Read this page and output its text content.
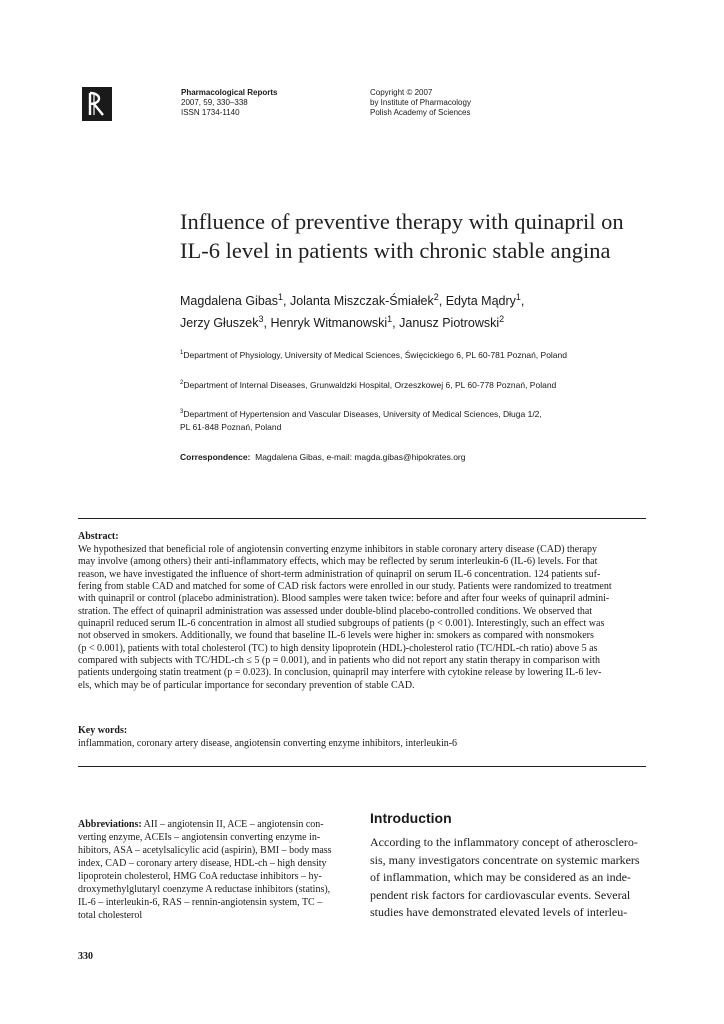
Pharmacological Reports
2007, 59, 330–338
ISSN 1734-1140
Copyright © 2007
by Institute of Pharmacology
Polish Academy of Sciences
Influence of preventive therapy with quinapril on
IL-6 level in patients with chronic stable angina
Magdalena Gibas$^1$, Jolanta Miszczak-Śmiałek$^2$, Edyta Mądry$^1$,
Jerzy Głuszek$^3$, Henryk Witmanowski$^1$, Janusz Piotrowski$^2$
$^1$Department of Physiology, University of Medical Sciences, Święcickiego 6, PL 60-781 Poznań, Poland
$^2$Department of Internal Diseases, Grunwaldzki Hospital, Orzeszkowej 6, PL 60-778 Poznań, Poland
$^3$Department of Hypertension and Vascular Diseases, University of Medical Sciences, Długa 1/2,
PL 61-848 Poznań, Poland
Correspondence: Magdalena Gibas, e-mail: magda.gibas@hipokrates.org
Abstract:
We hypothesized that beneficial role of angiotensin converting enzyme inhibitors in stable coronary artery disease (CAD) therapy
may involve (among others) their anti-inflammatory effects, which may be reflected by serum interleukin-6 (IL-6) levels. For that
reason, we have investigated the influence of short-term administration of quinapril on serum IL-6 concentration. 124 patients suf-
fering from stable CAD and matched for some of CAD risk factors were enrolled in our study. Patients were randomized to treatment
with quinapril or control (placebo administration). Blood samples were taken twice: before and after four weeks of quinapril admini-
stration. The effect of quinapril administration was assessed under double-blind placebo-controlled conditions. We observed that
quinapril reduced serum IL-6 concentration in almost all studied subgroups of patients (p < 0.001). Interestingly, such an effect was
not observed in smokers. Additionally, we found that baseline IL-6 levels were higher in: smokers as compared with nonsmokers
(p < 0.001), patients with total cholesterol (TC) to high density lipoprotein (HDL)-cholesterol ratio (TC/HDL-ch ratio) above 5 as
compared with subjects with TC/HDL-ch ≤ 5 (p = 0.001), and in patients who did not report any statin therapy in comparison with
patients undergoing statin treatment (p = 0.023). In conclusion, quinapril may interfere with cytokine release by lowering IL-6 lev-
els, which may be of particular importance for secondary prevention of stable CAD.
Key words:
inflammation, coronary artery disease, angiotensin converting enzyme inhibitors, interleukin-6
Abbreviations: AII – angiotensin II, ACE – angiotensin con-
verting enzyme, ACEIs – angiotensin converting enzyme in-
hibitors, ASA – acetylsalicylic acid (aspirin), BMI – body mass
index, CAD – coronary artery disease, HDL-ch – high density
lipoprotein cholesterol, HMG CoA reductase inhibitors – hy-
droxymethylglutaryl coenzyme A reductase inhibitors (statins),
IL-6 – interleukin-6, RAS – rennin-angiotensin system, TC –
total cholesterol
Introduction
According to the inflammatory concept of atherosclero-
sis, many investigators concentrate on systemic markers
of inflammation, which may be considered as an inde-
pendent risk factors for cardiovascular events. Several
studies have demonstrated elevated levels of interleu-
330
